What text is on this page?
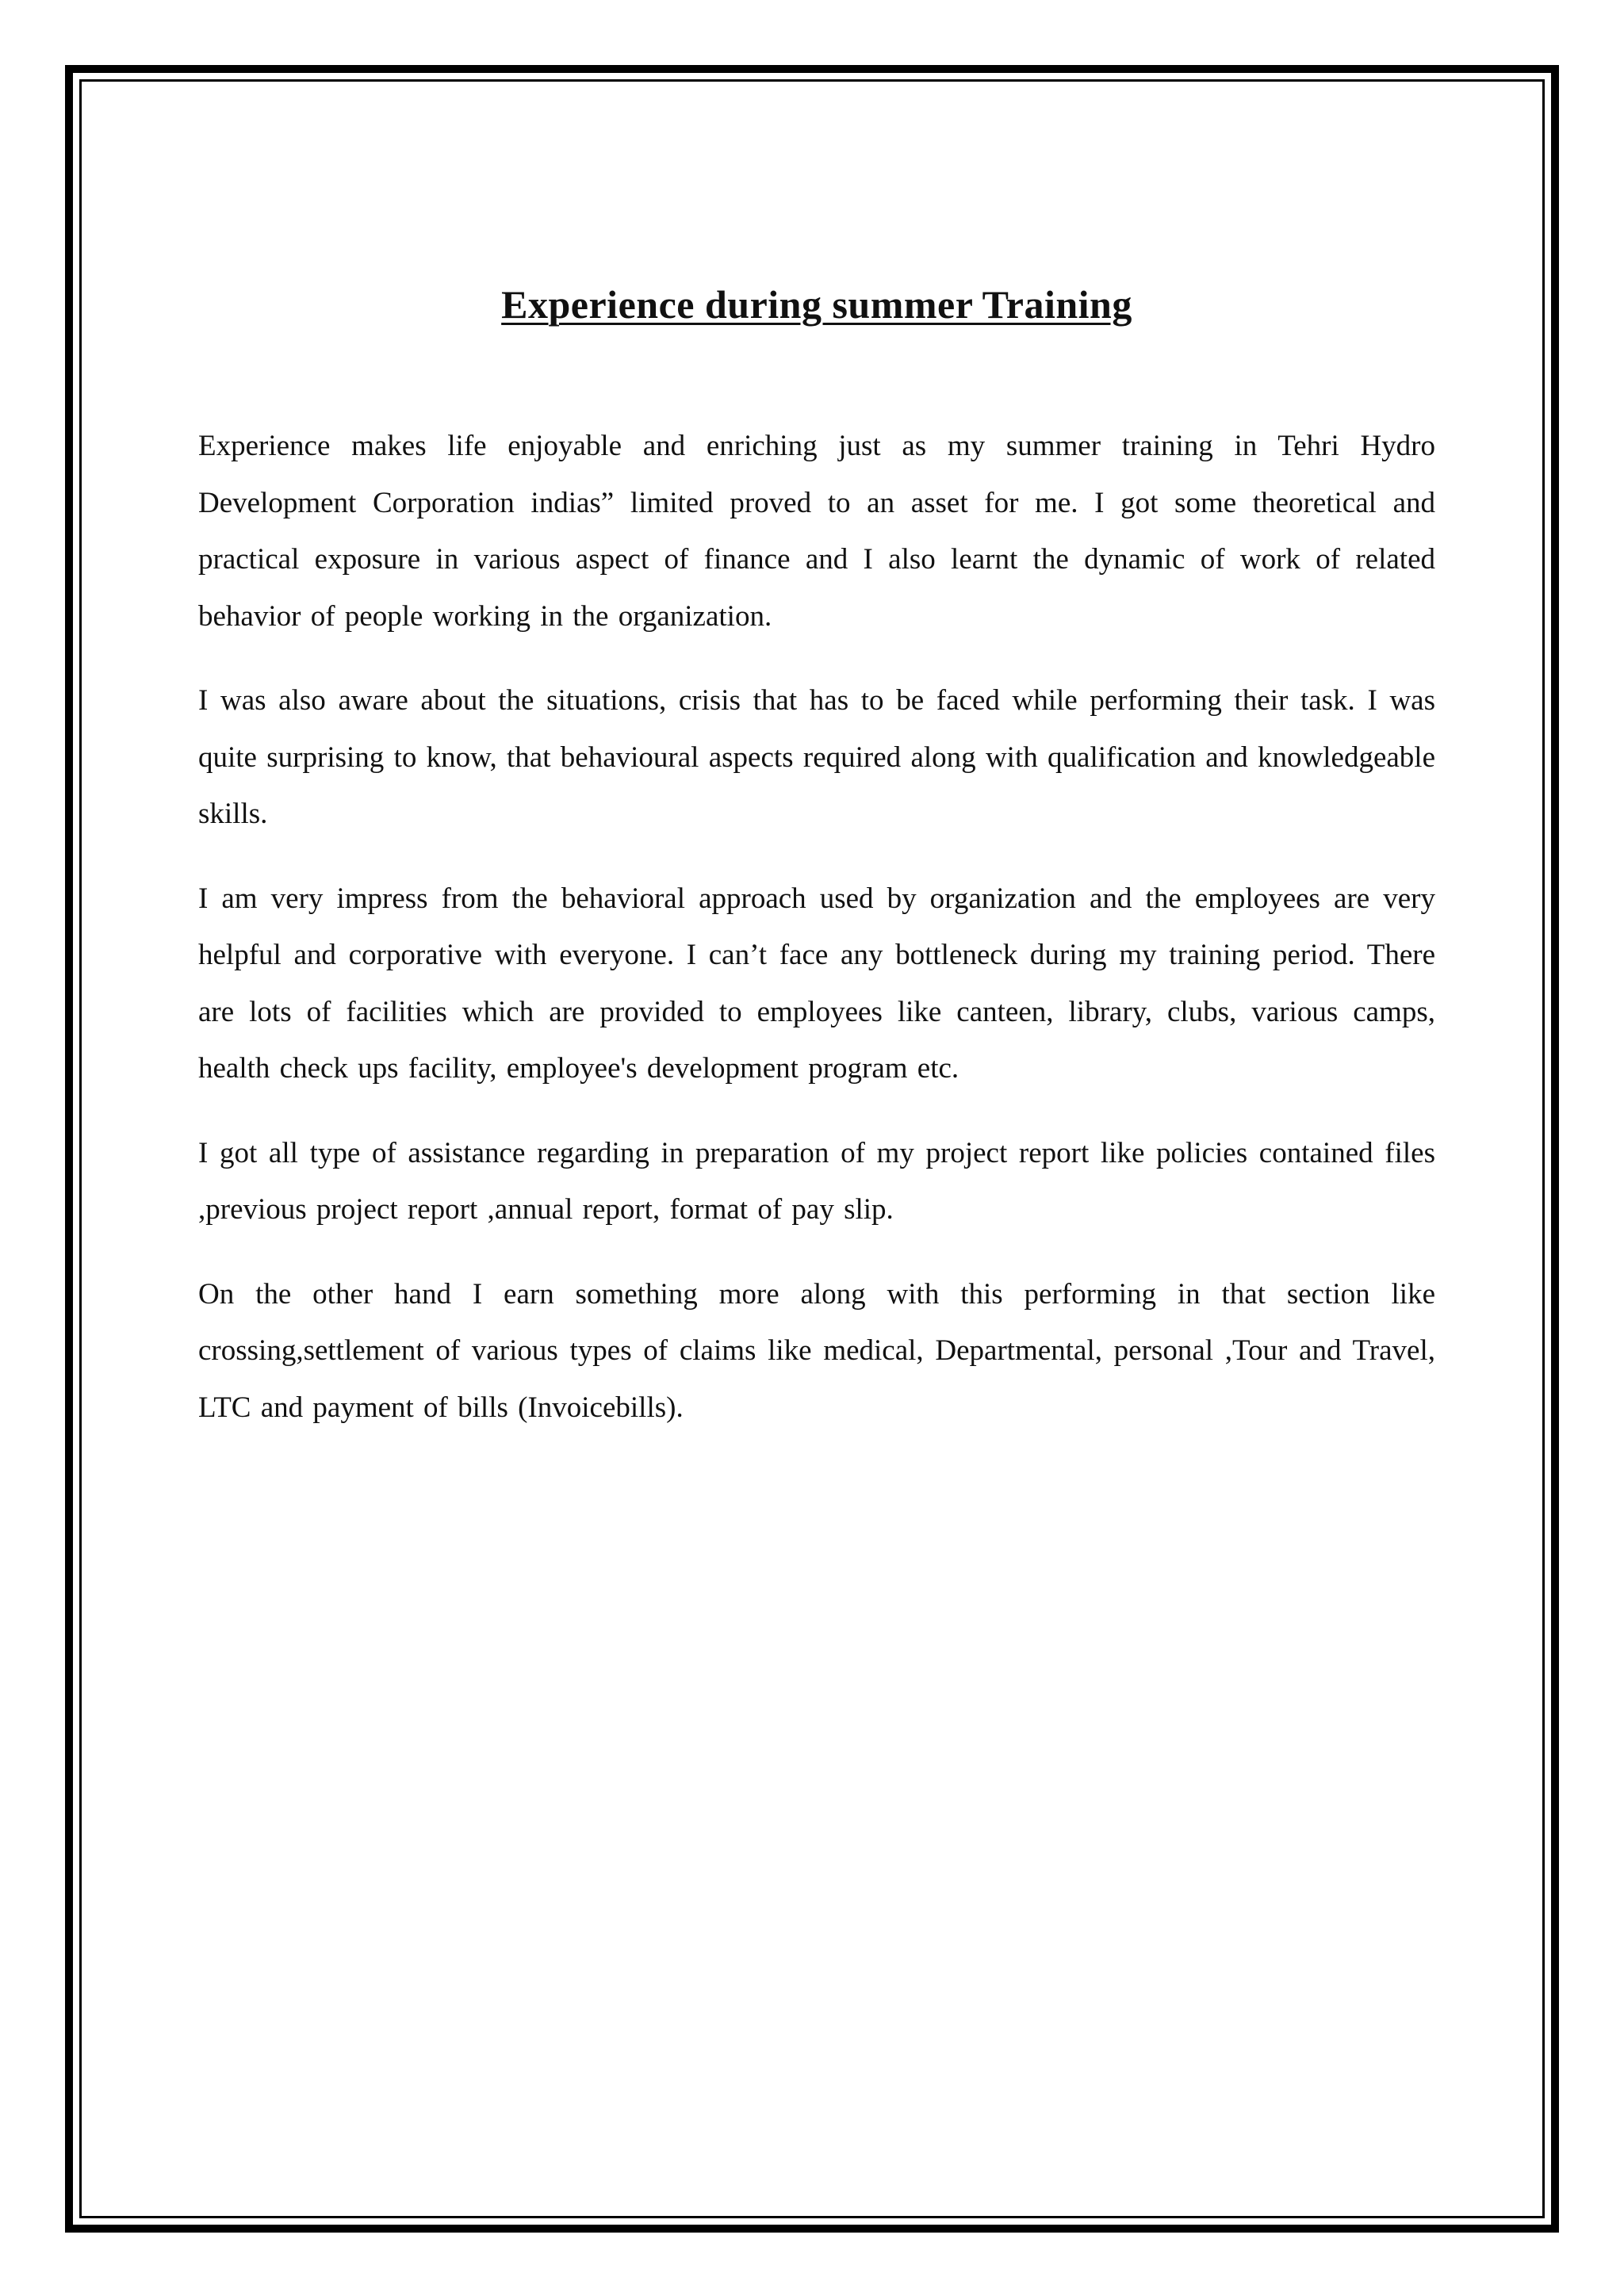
Experience during summer Training

Experience makes life enjoyable and enriching just as my summer training in Tehri Hydro Development Corporation indias” limited proved to an asset for me. I got some theoretical and practical exposure in various aspect of finance and I also learnt the dynamic of work of related behavior of people working in the organization.

I was also aware about the situations, crisis that has to be faced while performing their task. I was quite surprising to know, that behavioural aspects required along with qualification and knowledgeable skills.

I am very impress from the behavioral approach used by organization and the employees are very helpful and corporative with everyone. I can’t face any bottleneck during my training period. There are lots of facilities which are provided to employees like canteen, library, clubs, various camps, health check ups facility, employee's development program etc.

I got all type of assistance regarding in preparation of my project report like policies contained files ,previous project report ,annual report, format of pay slip.

On the other hand I earn something more along with this performing in that section like crossing,settlement of various types of claims like medical, Departmental, personal ,Tour and Travel, LTC and payment of bills (Invoicebills).
